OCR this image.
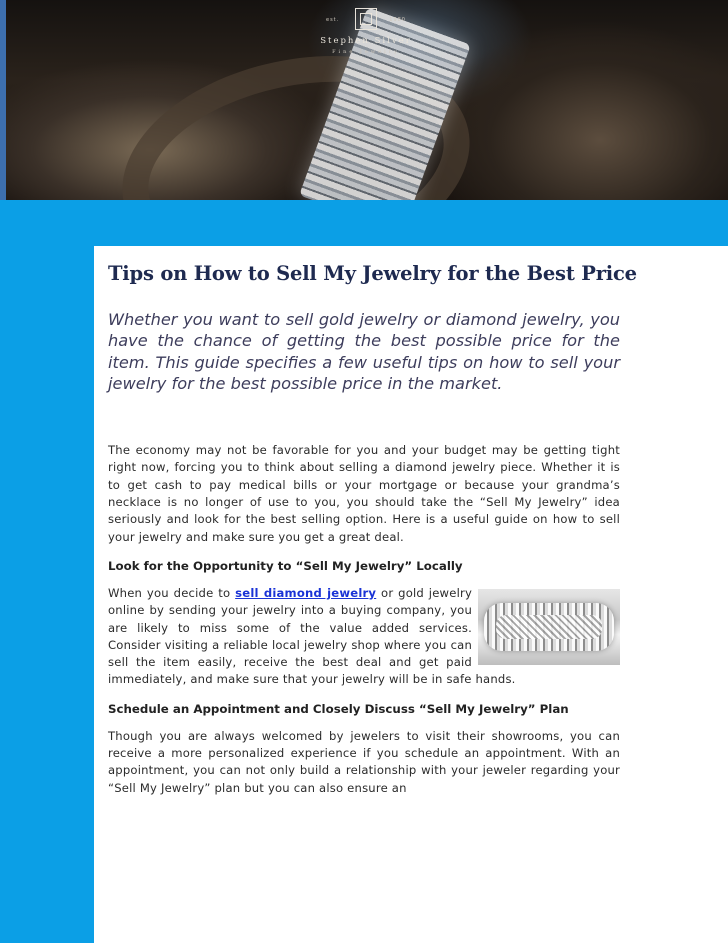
est.	1980
Stephen Silver
Fine Jewelry
Tips on How to Sell My Jewelry for the Best Price

Whether you want to sell gold jewelry or diamond jewelry, you have the chance of getting the best possible price for the item. This guide specifies a few useful tips on how to sell your jewelry for the best possible price in the market.

The economy may not be favorable for you and your budget may be getting tight right now, forcing you to think about selling a diamond jewelry piece. Whether it is to get cash to pay medical bills or your mortgage or because your grandma’s necklace is no longer of use to you, you should take the “Sell My Jewelry” idea seriously and look for the best selling option. Here is a useful guide on how to sell your jewelry and make sure you get a great deal.

Look for the Opportunity to “Sell My Jewelry” Locally

When you decide to sell diamond jewelry
or gold jewelry online by sending your jewelry into a buying company, you are likely to miss some of the value added services. Consider visiting a reliable local jewelry shop where you can sell the item easily, receive the best deal and get paid immediately, and make sure that your jewelry will be in safe hands.

Schedule an Appointment and Closely Discuss “Sell My Jewelry” Plan

Though you are always welcomed by jewelers to visit their showrooms, you can receive a more personalized experience if you schedule an appointment. With an appointment, you can not only build a relationship with your jeweler regarding your “Sell My Jewelry” plan but you can also ensure an
